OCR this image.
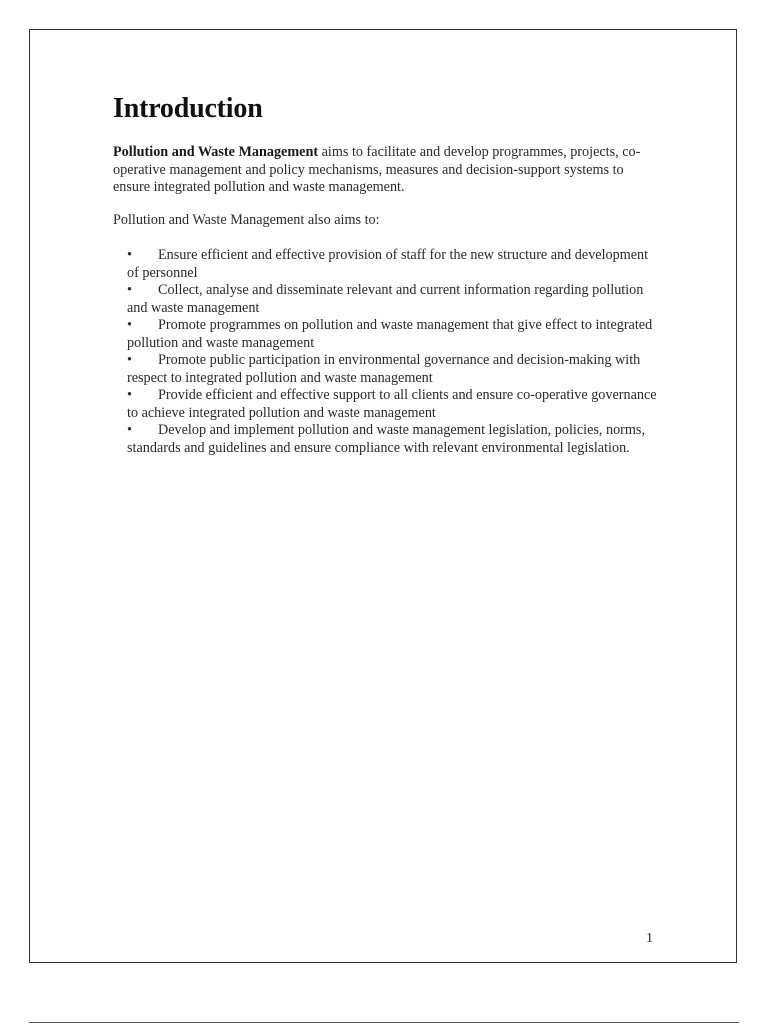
Introduction

Pollution and Waste Management aims to facilitate and develop programmes, projects, co-operative management and policy mechanisms, measures and decision-support systems to ensure integrated pollution and waste management.

Pollution and Waste Management also aims to:

• Ensure efficient and effective provision of staff for the new structure and development of personnel
• Collect, analyse and disseminate relevant and current information regarding pollution and waste management
• Promote programmes on pollution and waste management that give effect to integrated pollution and waste management
• Promote public participation in environmental governance and decision-making with respect to integrated pollution and waste management
• Provide efficient and effective support to all clients and ensure co-operative governance to achieve integrated pollution and waste management
• Develop and implement pollution and waste management legislation, policies, norms, standards and guidelines and ensure compliance with relevant environmental legislation.
1
